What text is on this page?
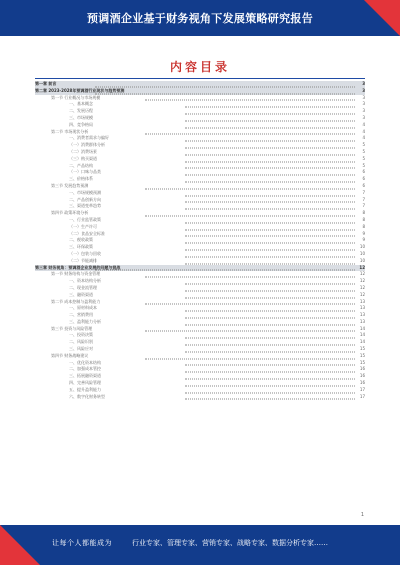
预调酒企业基于财务视角下发展策略研究报告
内容目录
第一章 前言	3
第二章 2023-2028年预调酒行业现状与趋势预测	3
第一节 行业概况与市场规模	3
一、基本概念	3
二、发展历程	3
三、市场规模	3
四、竞争格局	4
第二节 市场现状分析	4
一、消费者需求与偏好	4
（一）消费群体分析	5
（二）消费场景	5
（三）购买渠道	5
二、产品结构	5
（一）口味与品类	6
三、价格体系	6
第三节 发展趋势预测	6
一、市场规模预测	7
二、产品创新方向	7
三、渠道变革趋势	7
第四节 政策环境分析	8
一、行业监管政策	8
（一）生产许可	8
（二）食品安全标准	9
二、税收政策	9
三、环保政策	10
（一）包装与回收	10
（二）节能减排	10
第三章 财务视角：预调酒企业发展的问题与挑战	12
第一节 财务结构与资金管理	12
一、资本结构分析	12
二、现金流管理	12
三、融资渠道	12
第二节 成本控制与盈利能力	13
一、原材料成本	13
二、营销费用	13
三、盈利能力分析	13
第三节 投资与风险管理	14
一、投资决策	14
二、风险识别	14
三、风险应对	15
第四节 财务战略建议	15
一、优化资本结构	15
二、加强成本管控	16
三、拓展融资渠道	16
四、完善风险管理	16
五、提升盈利能力	17
六、数字化财务转型	17
1
让每个人都能成为	行业专家、管理专家、营销专家、战略专家、数据分析专家……
